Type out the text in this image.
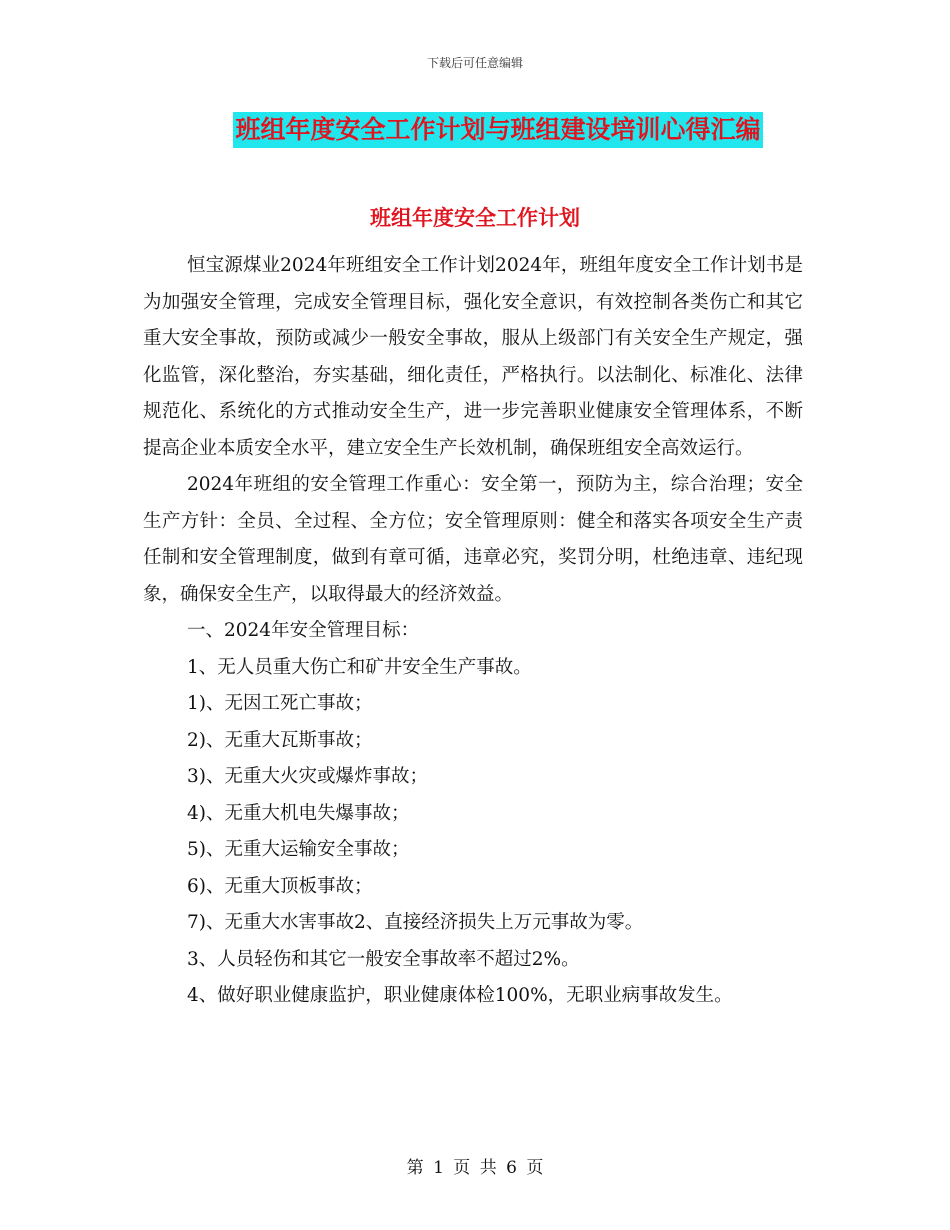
下载后可任意编辑
班组年度安全工作计划与班组建设培训心得汇编
班组年度安全工作计划

恒宝源煤业2024年班组安全工作计划2024年，班组年度安全工作计划书是为加强安全管理，完成安全管理目标，强化安全意识，有效控制各类伤亡和其它重大安全事故，预防或减少一般安全事故，服从上级部门有关安全生产规定，强化监管，深化整治，夯实基础，细化责任，严格执行。以法制化、标准化、法律规范化、系统化的方式推动安全生产，进一步完善职业健康安全管理体系，不断提高企业本质安全水平，建立安全生产长效机制，确保班组安全高效运行。

2024年班组的安全管理工作重心：安全第一，预防为主，综合治理；安全生产方针：全员、全过程、全方位；安全管理原则：健全和落实各项安全生产责任制和安全管理制度，做到有章可循，违章必究，奖罚分明，杜绝违章、违纪现象，确保安全生产，以取得最大的经济效益。

一、2024年安全管理目标：

1、无人员重大伤亡和矿井安全生产事故。

1)、无因工死亡事故；

2)、无重大瓦斯事故；

3)、无重大火灾或爆炸事故；

4)、无重大机电失爆事故；

5)、无重大运输安全事故；

6)、无重大顶板事故；

7)、无重大水害事故2、直接经济损失上万元事故为零。

3、人员轻伤和其它一般安全事故率不超过2%。

4、做好职业健康监护，职业健康体检100%，无职业病事故发生。

第 1 页 共 6 页
